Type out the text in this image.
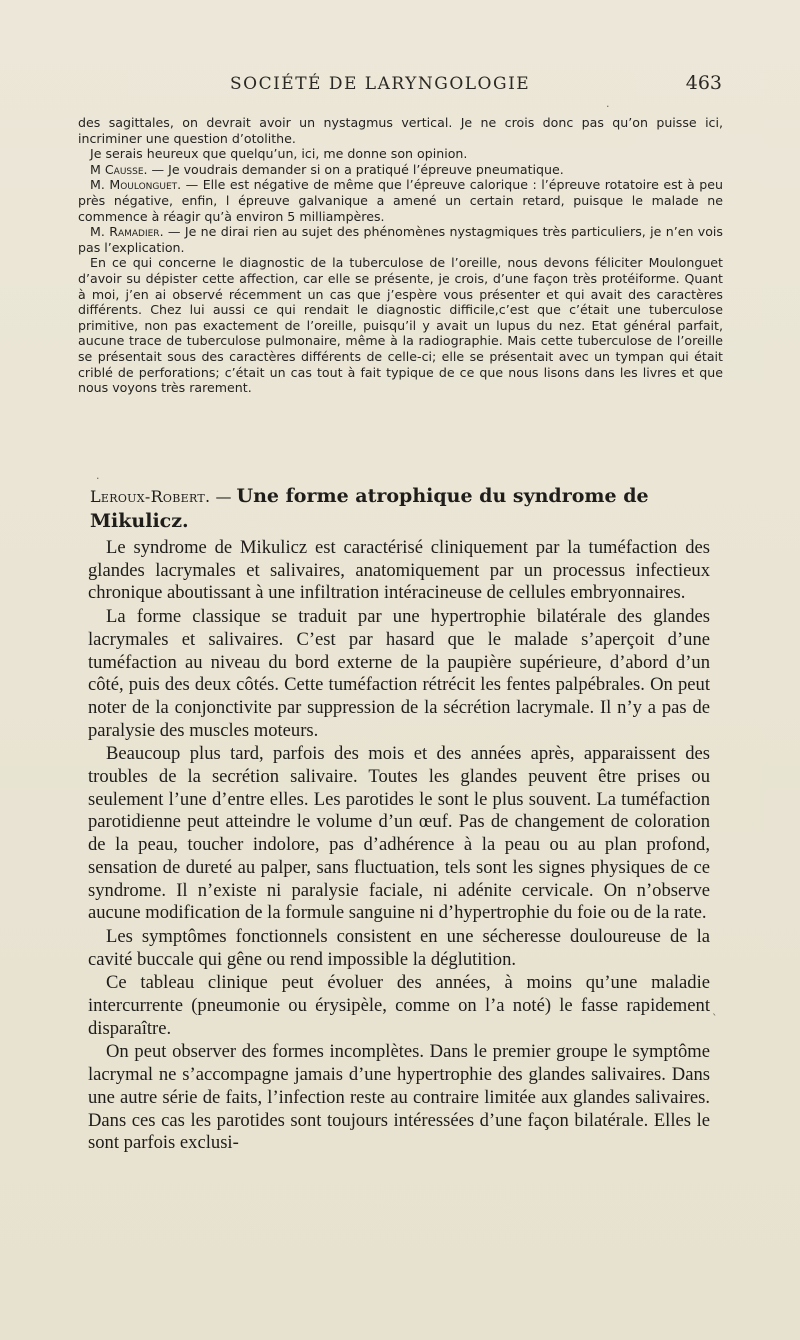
SOCIÉTÉ DE LARYNGOLOGIE	463

des sagittales, on devrait avoir un nystagmus vertical. Je ne crois donc pas qu’on puisse ici, incriminer une question d’otolithe.

Je serais heureux que quelqu’un, ici, me donne son opinion.

M Causse. — Je voudrais demander si on a pratiqué l’épreuve pneumatique.

M. Moulonguet. — Elle est négative de même que l’épreuve calorique : l’épreuve rotatoire est à peu près négative, enfin, l épreuve galvanique a amené un certain retard, puisque le malade ne commence à réagir qu’à environ 5 milliampères.

M. Ramadier. — Je ne dirai rien au sujet des phénomènes nystagmiques très particuliers, je n’en vois pas l’explication.

En ce qui concerne le diagnostic de la tuberculose de l’oreille, nous devons féliciter Moulonguet d’avoir su dépister cette affection, car elle se présente, je crois, d’une façon très protéiforme. Quant à moi, j’en ai observé récemment un cas que j’espère vous présenter et qui avait des caractères différents. Chez lui aussi ce qui rendait le diagnostic difficile,c’est que c’était une tuberculose primitive, non pas exactement de l’oreille, puisqu’il y avait un lupus du nez. Etat général parfait, aucune trace de tuberculose pulmonaire, même à la radiographie. Mais cette tuberculose de l’oreille se présentait sous des caractères différents de celle-ci; elle se présentait avec un tympan qui était criblé de perforations; c’était un cas tout à fait typique de ce que nous lisons dans les livres et que nous voyons très rarement.

Leroux-Robert. — Une forme atrophique du syndrome de Mikulicz.

Le syndrome de Mikulicz est caractérisé cliniquement par la tuméfaction des glandes lacrymales et salivaires, anatomiquement par un processus infectieux chronique aboutissant à une infiltration intéracineuse de cellules embryonnaires.

La forme classique se traduit par une hypertrophie bilatérale des glandes lacrymales et salivaires. C’est par hasard que le malade s’aperçoit d’une tuméfaction au niveau du bord externe de la paupière supérieure, d’abord d’un côté, puis des deux côtés. Cette tuméfaction rétrécit les fentes palpébrales. On peut noter de la conjonctivite par suppression de la sécrétion lacrymale. Il n’y a pas de paralysie des muscles moteurs.

Beaucoup plus tard, parfois des mois et des années après, apparaissent des troubles de la secrétion salivaire. Toutes les glandes peuvent être prises ou seulement l’une d’entre elles. Les parotides le sont le plus souvent. La tuméfaction parotidienne peut atteindre le volume d’un œuf. Pas de changement de coloration de la peau, toucher indolore, pas d’adhérence à la peau ou au plan profond, sensation de dureté au palper, sans fluctuation, tels sont les signes physiques de ce syndrome. Il n’existe ni paralysie faciale, ni adénite cervicale. On n’observe aucune modification de la formule sanguine ni d’hypertrophie du foie ou de la rate.

Les symptômes fonctionnels consistent en une sécheresse douloureuse de la cavité buccale qui gêne ou rend impossible la déglutition.

Ce tableau clinique peut évoluer des années, à moins qu’une maladie intercurrente (pneumonie ou érysipèle, comme on l’a noté) le fasse rapidement disparaître.

On peut observer des formes incomplètes. Dans le premier groupe le symptôme lacrymal ne s’accompagne jamais d’une hypertrophie des glandes salivaires. Dans une autre série de faits, l’infection reste au contraire limitée aux glandes salivaires. Dans ces cas les parotides sont toujours intéressées d’une façon bilatérale. Elles le sont parfois exclusi-

·
·
`
